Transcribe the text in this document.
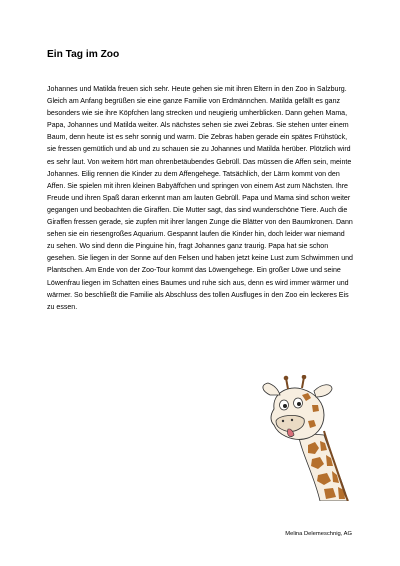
Ein Tag im Zoo

Johannes und Matilda freuen sich sehr. Heute gehen sie mit ihren Eltern in den Zoo in Salzburg. Gleich am Anfang begrüßen sie eine ganze Familie von Erdmännchen. Matilda gefällt es ganz besonders wie sie ihre Köpfchen lang strecken und neugierig umherblicken. Dann gehen Mama, Papa, Johannes und Matilda weiter. Als nächstes sehen sie zwei Zebras. Sie stehen unter einem Baum, denn heute ist es sehr sonnig und warm. Die Zebras haben gerade ein spätes Frühstück, sie fressen gemütlich und ab und zu schauen sie zu Johannes und Matilda herüber. Plötzlich wird es sehr laut. Von weitem hört man ohrenbetäubendes Gebrüll. Das müssen die Affen sein, meinte Johannes. Eilig rennen die Kinder zu dem Affengehege. Tatsächlich, der Lärm kommt von den Affen. Sie spielen mit ihren kleinen Babyäffchen und springen von einem Ast zum Nächsten. Ihre Freude und ihren Spaß daran erkennt man am lauten Gebrüll. Papa und Mama sind schon weiter gegangen und beobachten die Giraffen. Die Mutter sagt, das sind wunderschöne Tiere. Auch die Giraffen fressen gerade, sie zupfen mit ihrer langen Zunge die Blätter von den Baumkronen. Dann sehen sie ein riesengroßes Aquarium. Gespannt laufen die Kinder hin, doch leider war niemand zu sehen. Wo sind denn die Pinguine hin, fragt Johannes ganz traurig. Papa hat sie schon gesehen. Sie liegen in der Sonne auf den Felsen und haben jetzt keine Lust zum Schwimmen und Plantschen. Am Ende von der Zoo-Tour kommt das Löwengehege. Ein großer Löwe und seine Löwenfrau liegen im Schatten eines Baumes und ruhe sich aus, denn es wird immer wärmer und wärmer. So beschließt die Familie als Abschluss des tollen Ausfluges in den Zoo ein leckeres Eis zu essen.

Melina Delemeschnig, AG
